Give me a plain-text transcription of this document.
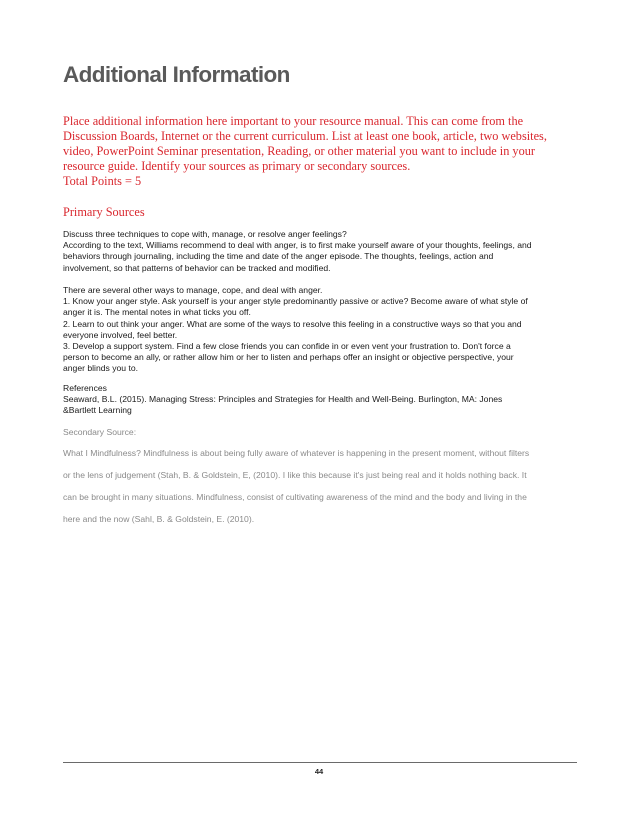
Additional Information
Place additional information here important to your resource manual. This can come from the
Discussion Boards, Internet or the current curriculum. List at least one book, article, two websites,
video, PowerPoint Seminar presentation, Reading, or other material you want to include in your
resource guide. Identify your sources as primary or secondary sources.
Total Points = 5
Primary Sources
Discuss three techniques to cope with, manage, or resolve anger feelings?
According to the text, Williams recommend to deal with anger, is to first make yourself aware of your thoughts, feelings, and
behaviors through journaling, including the time and date of the anger episode. The thoughts, feelings, action and
involvement, so that patterns of behavior can be tracked and modified.
There are several other ways to manage, cope, and deal with anger.
1. Know your anger style. Ask yourself is your anger style predominantly passive or active? Become aware of what style of
anger it is. The mental notes in what ticks you off.
2. Learn to out think your anger. What are some of the ways to resolve this feeling in a constructive ways so that you and
everyone involved, feel better.
3. Develop a support system. Find a few close friends you can confide in or even vent your frustration to. Don't force a
person to become an ally, or rather allow him or her to listen and perhaps offer an insight or objective perspective, your
anger blinds you to.
References
Seaward, B.L. (2015). Managing Stress: Principles and Strategies for Health and Well-Being. Burlington, MA: Jones
&Bartlett Learning
Secondary Source:
What I Mindfulness? Mindfulness is about being fully aware of whatever is happening in the present moment, without filters
or the lens of judgement (Stah, B. & Goldstein, E, (2010). I like this because it's just being real and it holds nothing back. It
can be brought in many situations. Mindfulness, consist of cultivating awareness of the mind and the body and living in the
here and the now (Sahl, B. & Goldstein, E. (2010).
44
